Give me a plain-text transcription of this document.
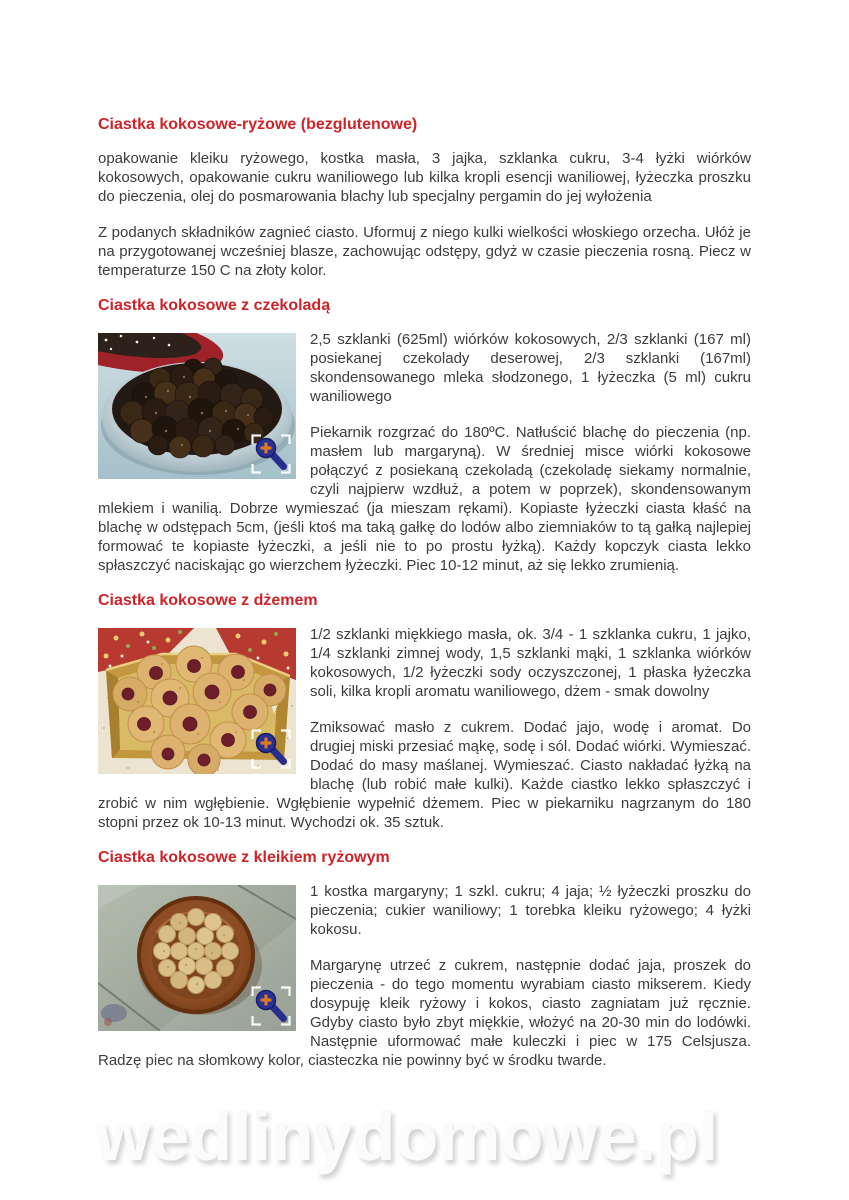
Ciastka kokosowe-ryżowe (bezglutenowe)

opakowanie kleiku ryżowego, kostka masła, 3 jajka, szklanka cukru, 3-4 łyżki wiórków kokosowych, opakowanie cukru waniliowego lub kilka kropli esencji waniliowej, łyżeczka proszku do pieczenia, olej do posmarowania blachy lub specjalny pergamin do jej wyłożenia

Z podanych składników zagnieć ciasto. Uformuj z niego kulki wielkości włoskiego orzecha. Ułóż je na przygotowanej wcześniej blasze, zachowując odstępy, gdyż w czasie pieczenia rosną. Piecz w temperaturze 150 C na złoty kolor.

Ciastka kokosowe z czekoladą

2,5 szklanki (625ml) wiórków kokosowych, 2/3 szklanki (167 ml) posiekanej czekolady deserowej, 2/3 szklanki (167ml) skondensowanego mleka słodzonego, 1 łyżeczka (5 ml) cukru waniliowego

Piekarnik rozgrzać do 180ºC. Natłuścić blachę do pieczenia (np. masłem lub margaryną). W średniej misce wiórki kokosowe połączyć z posiekaną czekoladą (czekoladę siekamy normalnie, czyli najpierw wzdłuż, a potem w poprzek), skondensowanym mlekiem i wanilią. Dobrze wymieszać (ja mieszam rękami). Kopiaste łyżeczki ciasta kłaść na blachę w odstępach 5cm, (jeśli ktoś ma taką gałkę do lodów albo ziemniaków to tą gałką najlepiej formować te kopiaste łyżeczki, a jeśli nie to po prostu łyżką). Każdy kopczyk ciasta lekko spłaszczyć naciskając go wierzchem łyżeczki. Piec 10-12 minut, aż się lekko zrumienią.

Ciastka kokosowe z dżemem

1/2 szklanki miękkiego masła, ok. 3/4 - 1 szklanka cukru, 1 jajko, 1/4 szklanki zimnej wody, 1,5 szklanki mąki, 1 szklanka wiórków kokosowych, 1/2 łyżeczki sody oczyszczonej, 1 płaska łyżeczka soli, kilka kropli aromatu waniliowego, dżem - smak dowolny

Zmiksować masło z cukrem. Dodać jajo, wodę i aromat. Do drugiej miski przesiać mąkę, sodę i sól. Dodać wiórki. Wymieszać. Dodać do masy maślanej. Wymieszać. Ciasto nakładać łyżką na blachę (lub robić małe kulki). Każde ciastko lekko spłaszczyć i zrobić w nim wgłębienie. Wgłębienie wypełnić dżemem. Piec w piekarniku nagrzanym do 180 stopni przez ok 10-13 minut. Wychodzi ok. 35 sztuk.

Ciastka kokosowe z kleikiem ryżowym

1 kostka margaryny; 1 szkl. cukru; 4 jaja; ½ łyżeczki proszku do pieczenia; cukier waniliowy; 1 torebka kleiku ryżowego; 4 łyżki kokosu.

Margarynę utrzeć z cukrem, następnie dodać jaja, proszek do pieczenia - do tego momentu wyrabiam ciasto mikserem. Kiedy dosypuję kleik ryżowy i kokos, ciasto zagniatam już ręcznie. Gdyby ciasto było zbyt miękkie, włożyć na 20-30 min do lodówki. Następnie uformować małe kuleczki i piec w 175 Celsjusza. Radzę piec na słomkowy kolor, ciasteczka nie powinny być w środku twarde.

wedlinydomowe.pl
